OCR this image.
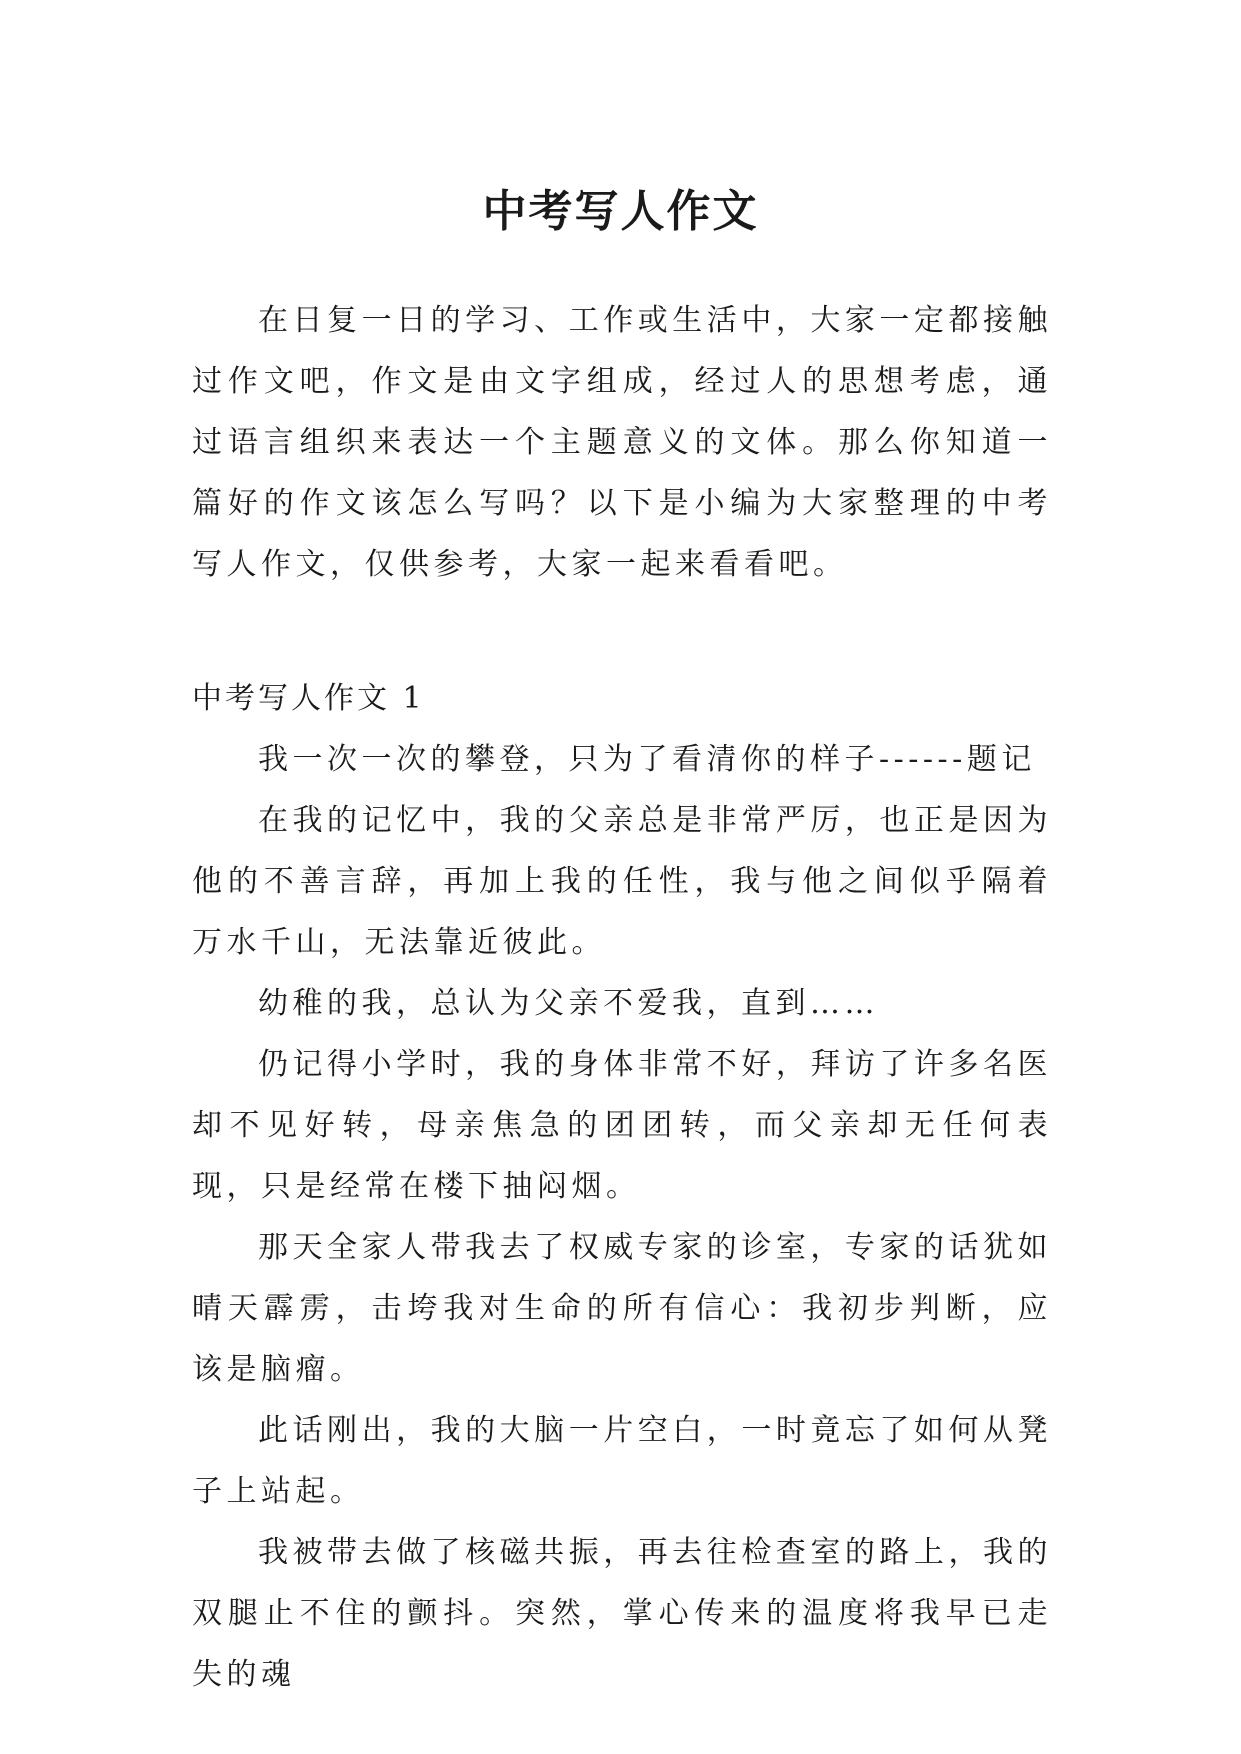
中考写人作文

在日复一日的学习、工作或生活中，大家一定都接触过作文吧，作文是由文字组成，经过人的思想考虑，通过语言组织来表达一个主题意义的文体。那么你知道一篇好的作文该怎么写吗？以下是小编为大家整理的中考写人作文，仅供参考，大家一起来看看吧。

中考写人作文 1

我一次一次的攀登，只为了看清你的样子------题记

在我的记忆中，我的父亲总是非常严厉，也正是因为他的不善言辞，再加上我的任性，我与他之间似乎隔着万水千山，无法靠近彼此。

幼稚的我，总认为父亲不爱我，直到……

仍记得小学时，我的身体非常不好，拜访了许多名医却不见好转，母亲焦急的团团转，而父亲却无任何表现，只是经常在楼下抽闷烟。

那天全家人带我去了权威专家的诊室，专家的话犹如晴天霹雳，击垮我对生命的所有信心：我初步判断，应该是脑瘤。

此话刚出，我的大脑一片空白，一时竟忘了如何从凳子上站起。

我被带去做了核磁共振，再去往检查室的路上，我的双腿止不住的颤抖。突然，掌心传来的温度将我早已走失的魂
